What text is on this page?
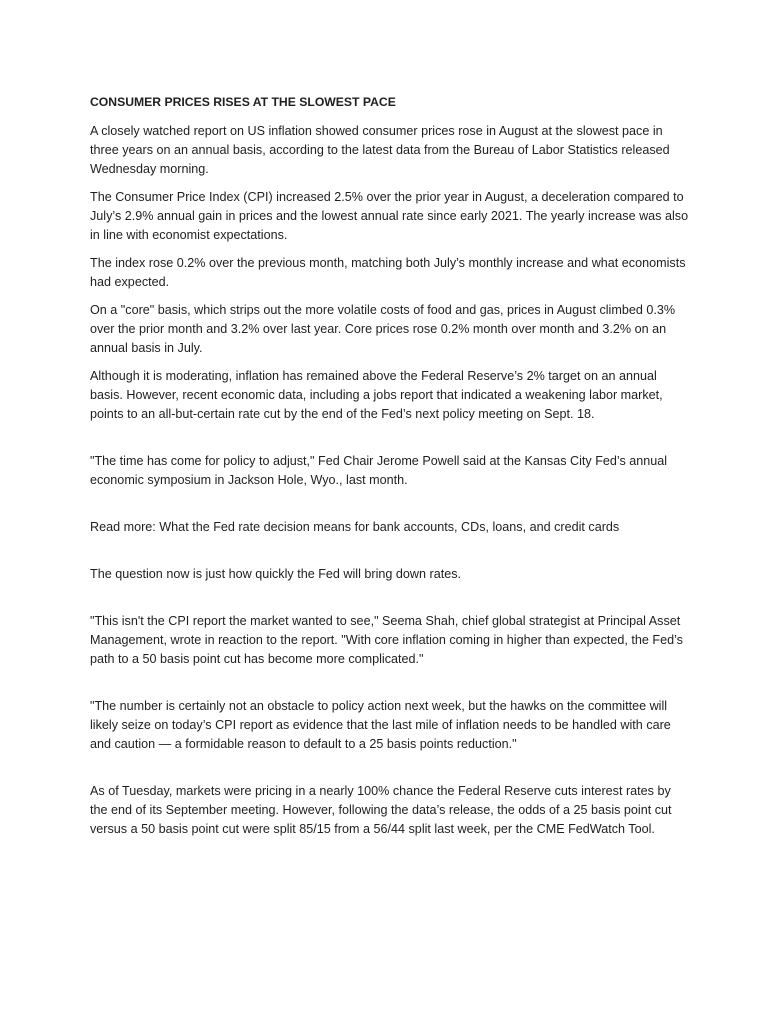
CONSUMER PRICES RISES AT THE SLOWEST PACE

A closely watched report on US inflation showed consumer prices rose in August at the slowest pace in three years on an annual basis, according to the latest data from the Bureau of Labor Statistics released Wednesday morning.

The Consumer Price Index (CPI) increased 2.5% over the prior year in August, a deceleration compared to July’s 2.9% annual gain in prices and the lowest annual rate since early 2021. The yearly increase was also in line with economist expectations.

The index rose 0.2% over the previous month, matching both July’s monthly increase and what economists had expected.

On a "core" basis, which strips out the more volatile costs of food and gas, prices in August climbed 0.3% over the prior month and 3.2% over last year. Core prices rose 0.2% month over month and 3.2% on an annual basis in July.

Although it is moderating, inflation has remained above the Federal Reserve’s 2% target on an annual basis. However, recent economic data, including a jobs report that indicated a weakening labor market, points to an all-but-certain rate cut by the end of the Fed’s next policy meeting on Sept. 18.

"The time has come for policy to adjust," Fed Chair Jerome Powell said at the Kansas City Fed’s annual economic symposium in Jackson Hole, Wyo., last month.

Read more: What the Fed rate decision means for bank accounts, CDs, loans, and credit cards

The question now is just how quickly the Fed will bring down rates.

"This isn't the CPI report the market wanted to see," Seema Shah, chief global strategist at Principal Asset Management, wrote in reaction to the report. "With core inflation coming in higher than expected, the Fed’s path to a 50 basis point cut has become more complicated."

"The number is certainly not an obstacle to policy action next week, but the hawks on the committee will likely seize on today’s CPI report as evidence that the last mile of inflation needs to be handled with care and caution — a formidable reason to default to a 25 basis points reduction."

As of Tuesday, markets were pricing in a nearly 100% chance the Federal Reserve cuts interest rates by the end of its September meeting. However, following the data’s release, the odds of a 25 basis point cut versus a 50 basis point cut were split 85/15 from a 56/44 split last week, per the CME FedWatch Tool.
